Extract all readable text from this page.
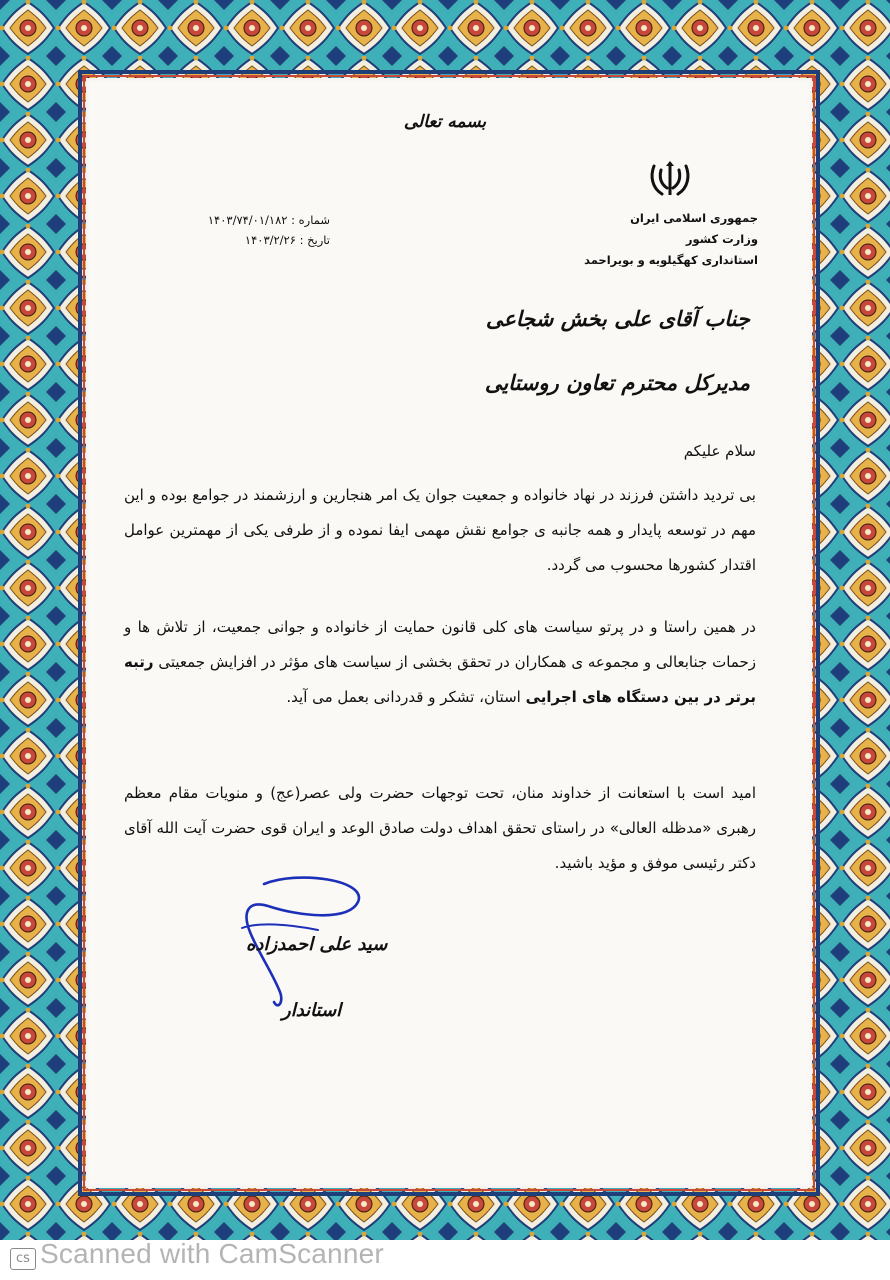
بسمه تعالی
جمهوری اسلامی ایران
وزارت کشور
استانداری کهگیلویه و بویراحمد
شماره : ۱۴۰۳/۷۴/۰۱/۱۸۲
تاریخ : ۱۴۰۳/۲/۲۶
جناب آقای علی بخش شجاعی
مدیرکل محترم تعاون روستایی
سلام علیکم
بی تردید داشتن فرزند در نهاد خانواده و جمعیت جوان یک امر هنجارین و ارزشمند در جوامع بوده و این مهم در توسعه پایدار و همه جانبه ی جوامع نقش مهمی ایفا نموده و از طرفی یکی از مهمترین عوامل اقتدار کشورها محسوب می گردد.
در همین راستا و در پرتو سیاست های کلی قانون حمایت از خانواده و جوانی جمعیت، از تلاش ها و زحمات جنابعالی و مجموعه ی همکاران در تحقق بخشی از سیاست های مؤثر در افزایش جمعیتی رتبه برتر در بین دستگاه های اجرایی استان، تشکر و قدردانی بعمل می آید.
امید است با استعانت از خداوند منان، تحت توجهات حضرت ولی عصر(عج) و منویات مقام معظم رهبری «مدظله العالی» در راستای تحقق اهداف دولت صادق الوعد و ایران قوی حضرت آیت الله آقای دکتر رئیسی موفق و مؤید باشید.
سید علی احمدزاده
استاندار
cs Scanned with CamScanner
